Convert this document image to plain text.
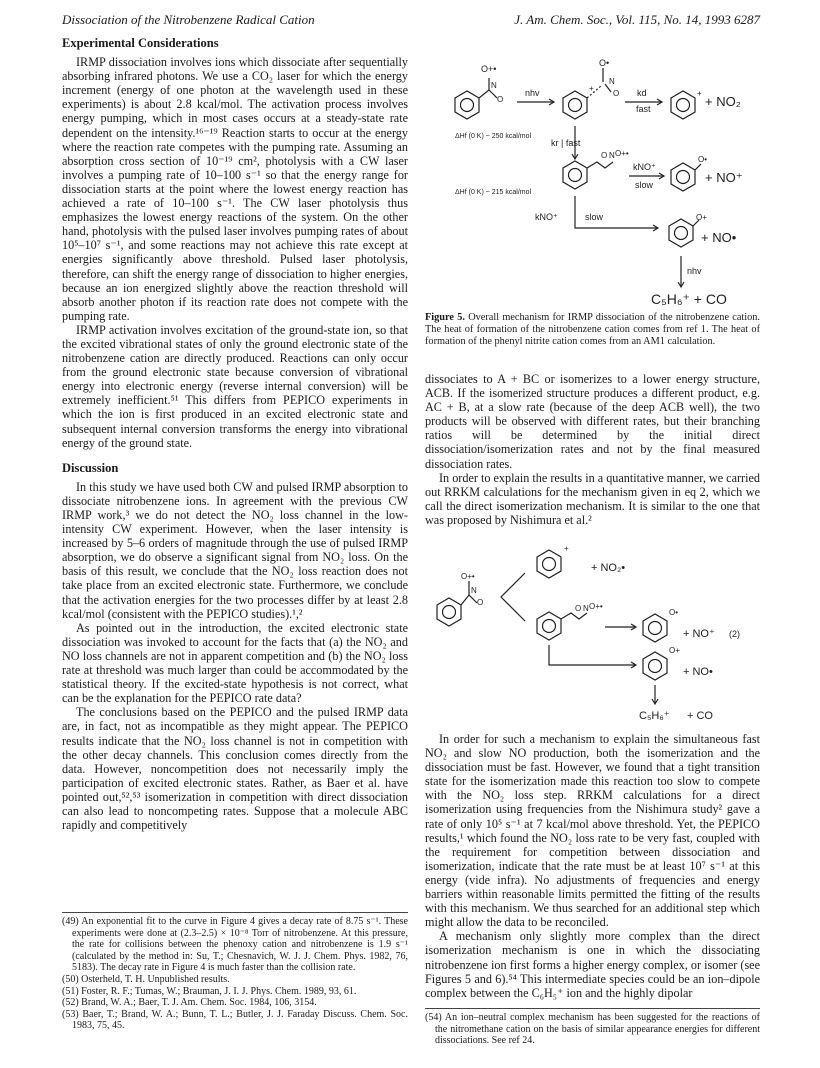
Dissociation of the Nitrobenzene Radical Cation	J. Am. Chem. Soc., Vol. 115, No. 14, 1993 6287
Experimental Considerations

IRMP dissociation involves ions which dissociate after sequentially absorbing infrared photons. We use a CO₂ laser for which the energy increment (energy of one photon at the wavelength used in these experiments) is about 2.8 kcal/mol. The activation process involves energy pumping, which in most cases occurs at a steady-state rate dependent on the intensity.¹⁶⁻¹⁹ Reaction starts to occur at the energy where the reaction rate competes with the pumping rate. Assuming an absorption cross section of 10⁻¹⁹ cm², photolysis with a CW laser involves a pumping rate of 10–100 s⁻¹ so that the energy range for dissociation starts at the point where the lowest energy reaction has achieved a rate of 10–100 s⁻¹. The CW laser photolysis thus emphasizes the lowest energy reactions of the system. On the other hand, photolysis with the pulsed laser involves pumping rates of about 10⁵–10⁷ s⁻¹, and some reactions may not achieve this rate except at energies significantly above threshold. Pulsed laser photolysis, therefore, can shift the energy range of dissociation to higher energies, because an ion energized slightly above the reaction threshold will absorb another photon if its reaction rate does not compete with the pumping rate.

IRMP activation involves excitation of the ground-state ion, so that the excited vibrational states of only the ground electronic state of the nitrobenzene cation are directly produced. Reactions can only occur from the ground electronic state because conversion of vibrational energy into electronic energy (reverse internal conversion) will be extremely inefficient.⁵¹ This differs from PEPICO experiments in which the ion is first produced in an excited electronic state and subsequent internal conversion transforms the energy into vibrational energy of the ground state.

Discussion

In this study we have used both CW and pulsed IRMP absorption to dissociate nitrobenzene ions. In agreement with the previous CW IRMP work,³ we do not detect the NO₂ loss channel in the low-intensity CW experiment. However, when the laser intensity is increased by 5–6 orders of magnitude through the use of pulsed IRMP absorption, we do observe a significant signal from NO₂ loss. On the basis of this result, we conclude that the NO₂ loss reaction does not take place from an excited electronic state. Furthermore, we conclude that the activation energies for the two processes differ by at least 2.8 kcal/mol (consistent with the PEPICO studies).¹,²

As pointed out in the introduction, the excited electronic state dissociation was invoked to account for the facts that (a) the NO₂ and NO loss channels are not in apparent competition and (b) the NO₂ loss rate at threshold was much larger than could be accommodated by the statistical theory. If the excited-state hypothesis is not correct, what can be the explanation for the PEPICO rate data?

The conclusions based on the PEPICO and the pulsed IRMP data are, in fact, not as incompatible as they might appear. The PEPICO results indicate that the NO₂ loss channel is not in competition with the other decay channels. This conclusion comes directly from the data. However, noncompetition does not necessarily imply the participation of excited electronic states. Rather, as Baer et al. have pointed out,⁵²,⁵³ isomerization in competition with direct dissociation can also lead to noncompeting rates. Suppose that a molecule ABC rapidly and competitively

(49) An exponential fit to the curve in Figure 4 gives a decay rate of 8.75 s⁻¹. These experiments were done at (2.3–2.5) × 10⁻⁸ Torr of nitrobenzene. At this pressure, the rate for collisions between the phenoxy cation and nitrobenzene is 1.9 s⁻¹ (calculated by the method in: Su, T.; Chesnavich, W. J. J. Chem. Phys. 1982, 76, 5183). The decay rate in Figure 4 is much faster than the collision rate.

(50) Osterheld, T. H. Unpublished results.

(51) Foster, R. F.; Tumas, W.; Brauman, J. I. J. Phys. Chem. 1989, 93, 61.

(52) Brand, W. A.; Baer, T. J. Am. Chem. Soc. 1984, 106, 3154.

(53) Baer, T.; Brand, W. A.; Bunn, T. L.; Butler, J. J. Faraday Discuss. Chem. Soc. 1983, 75, 45.

O+•
N
O
O•
N
O
+
+
O•
O+
O N O+•
nhv	kd
fast	+ NO₂
ΔHf (0 K) ~ 250 kcal/mol
kr | fast
kNO⁺
slow	+ NO⁺
ΔHf (0 K) ~ 215 kcal/mol
kNO⁺	slow
+ NO•
nhv
C₅H₆⁺ + CO
Figure 5. Overall mechanism for IRMP dissociation of the nitrobenzene cation. The heat of formation of the nitrobenzene cation comes from ref 1. The heat of formation of the phenyl nitrite cation comes from an AM1 calculation.

dissociates to A + BC or isomerizes to a lower energy structure, ACB. If the isomerized structure produces a different product, e.g. AC + B, at a slow rate (because of the deep ACB well), the two products will be observed with different rates, but their branching ratios will be determined by the initial direct dissociation/isomerization rates and not by the final measured dissociation rates.

In order to explain the results in a quantitative manner, we carried out RRKM calculations for the mechanism given in eq 2, which we call the direct isomerization mechanism. It is similar to the one that was proposed by Nishimura et al.²

O+•
N
O
+
+ NO₂•
O N O+•
O•
+ NO⁺ (2)
O+
+ NO•
C₅H₆⁺ + CO

In order for such a mechanism to explain the simultaneous fast NO₂ and slow NO production, both the isomerization and the dissociation must be fast. However, we found that a tight transition state for the isomerization made this reaction too slow to compete with the NO₂ loss step. RRKM calculations for a direct isomerization using frequencies from the Nishimura study² gave a rate of only 10⁵ s⁻¹ at 7 kcal/mol above threshold. Yet, the PEPICO results,¹ which found the NO₂ loss rate to be very fast, coupled with the requirement for competition between dissociation and isomerization, indicate that the rate must be at least 10⁷ s⁻¹ at this energy (vide infra). No adjustments of frequencies and energy barriers within reasonable limits permitted the fitting of the results with this mechanism. We thus searched for an additional step which might allow the data to be reconciled.

A mechanism only slightly more complex than the direct isomerization mechanism is one in which the dissociating nitrobenzene ion first forms a higher energy complex, or isomer (see Figures 5 and 6).⁵⁴ This intermediate species could be an ion–dipole complex between the C₆H₅⁺ ion and the highly dipolar

(54) An ion–neutral complex mechanism has been suggested for the reactions of the nitromethane cation on the basis of similar appearance energies for different dissociations. See ref 24.
